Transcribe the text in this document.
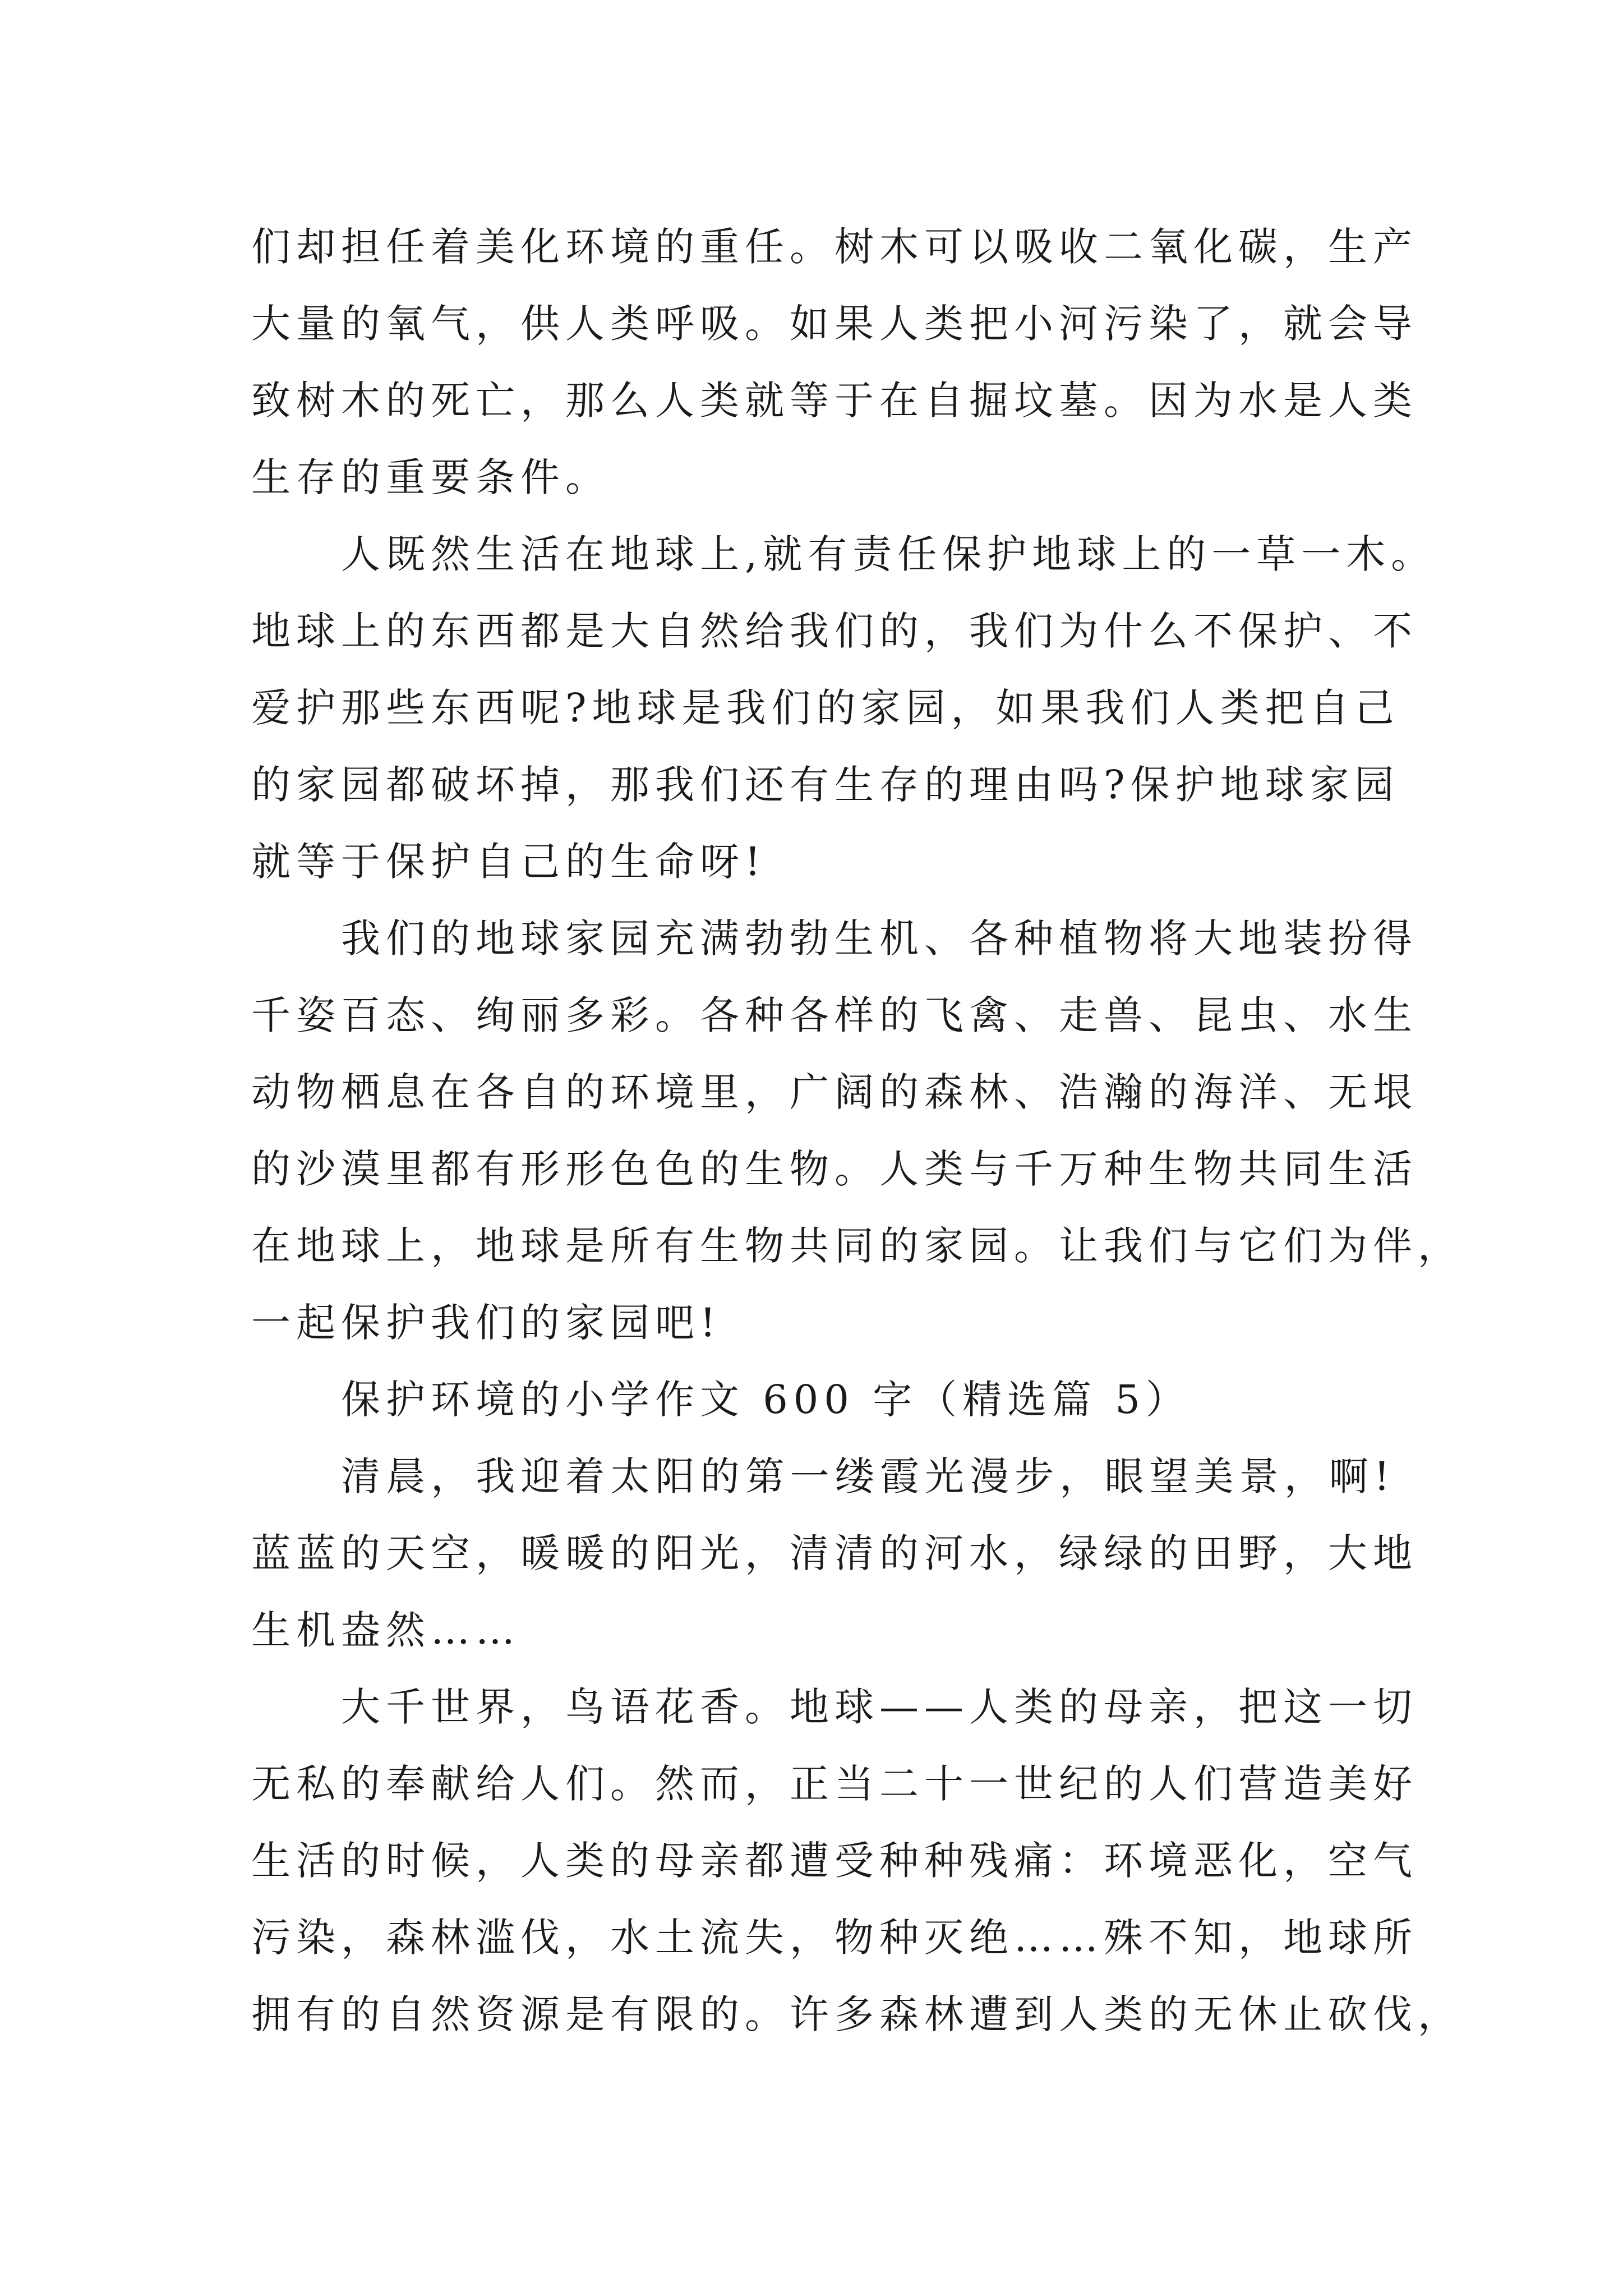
们却担任着美化环境的重任。树木可以吸收二氧化碳，生产
大量的氧气，供人类呼吸。如果人类把小河污染了，就会导
致树木的死亡，那么人类就等于在自掘坟墓。因为水是人类
生存的重要条件。
人既然生活在地球上,就有责任保护地球上的一草一木。
地球上的东西都是大自然给我们的，我们为什么不保护、不
爱护那些东西呢?地球是我们的家园，如果我们人类把自己
的家园都破坏掉，那我们还有生存的理由吗?保护地球家园
就等于保护自己的生命呀!
我们的地球家园充满勃勃生机、各种植物将大地装扮得
千姿百态、绚丽多彩。各种各样的飞禽、走兽、昆虫、水生
动物栖息在各自的环境里，广阔的森林、浩瀚的海洋、无垠
的沙漠里都有形形色色的生物。人类与千万种生物共同生活
在地球上，地球是所有生物共同的家园。让我们与它们为伴，
一起保护我们的家园吧!
保护环境的小学作文 600 字（精选篇 5）
清晨，我迎着太阳的第一缕霞光漫步，眼望美景，啊!
蓝蓝的天空，暖暖的阳光，清清的河水，绿绿的田野，大地
生机盎然……
大千世界，鸟语花香。地球——人类的母亲，把这一切
无私的奉献给人们。然而，正当二十一世纪的人们营造美好
生活的时候，人类的母亲都遭受种种残痛：环境恶化，空气
污染，森林滥伐，水土流失，物种灭绝……殊不知，地球所
拥有的自然资源是有限的。许多森林遭到人类的无休止砍伐，
